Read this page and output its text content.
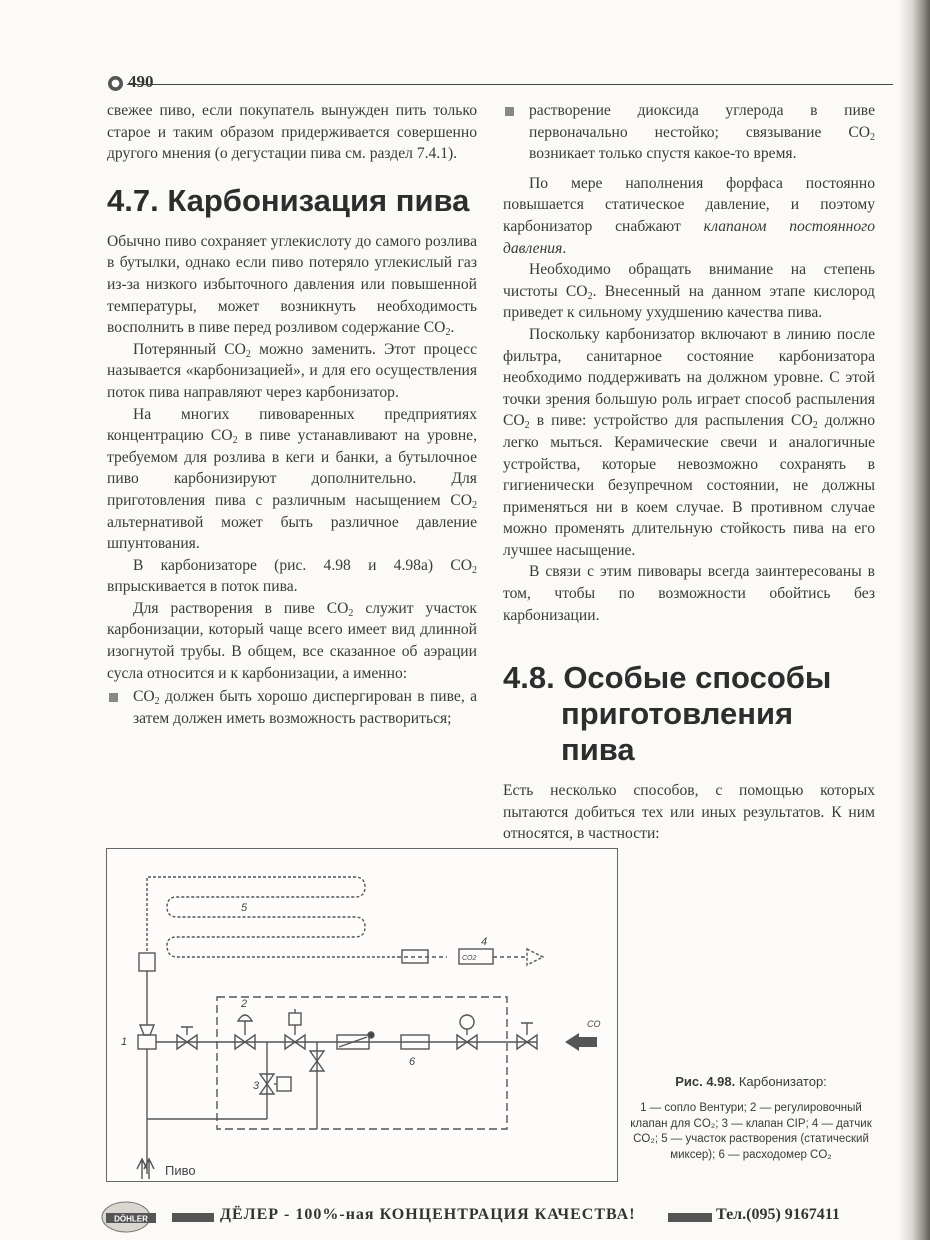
● 490

свежее пиво, если покупатель вынужден пить только старое и таким образом придерживается совершенно другого мнения (о дегустации пива см. раздел 7.4.1).

4.7. Карбонизация пива

Обычно пиво сохраняет углекислоту до самого розлива в бутылки, однако если пиво потеряло углекислый газ из-за низкого избыточного давления или повышенной температуры, может возникнуть необходимость восполнить в пиве перед розливом содержание $CO_2$.

Потерянный $CO_2$ можно заменить. Этот процесс называется «карбонизацией», и для его осуществления поток пива направляют через карбонизатор.

На многих пивоваренных предприятиях концентрацию $CO_2$ в пиве устанавливают на уровне, требуемом для розлива в кеги и банки, а бутылочное пиво карбонизируют дополнительно. Для приготовления пива с различным насыщением $CO_2$ альтернативой может быть различное давление шпунтования.

В карбонизаторе (рис. 4.98 и 4.98а) $CO_2$ впрыскивается в поток пива.

Для растворения в пиве $CO_2$ служит участок карбонизации, который чаще всего имеет вид длинной изогнутой трубы. В общем, все сказанное об аэрации сусла относится и к карбонизации, а именно:

$CO_2$ должен быть хорошо диспергирован в пиве, а затем должен иметь возможность раствориться;
растворение диоксида углерода в пиве первоначально нестойко; связывание $CO_2$ возникает только спустя какое-то время.

По мере наполнения форфаса постоянно повышается статическое давление, и поэтому карбонизатор снабжают клапаном постоянного давления.

Необходимо обращать внимание на степень чистоты $CO_2$. Внесенный на данном этапе кислород приведет к сильному ухудшению качества пива.

Поскольку карбонизатор включают в линию после фильтра, санитарное состояние карбонизатора необходимо поддерживать на должном уровне. С этой точки зрения большую роль играет способ распыления $CO_2$ в пиве: устройство для распыления $CO_2$ должно легко мыться. Керамические свечи и аналогичные устройства, которые невозможно сохранять в гигиенически безупречном состоянии, не должны применяться ни в коем случае. В противном случае можно променять длительную стойкость пива на его лучшее насыщение.

В связи с этим пивовары всегда заинтересованы в том, чтобы по возможности обойтись без карбонизации.

4.8. Особые способы
приготовления пива

Есть несколько способов, с помощью которых пытаются добиться тех или иных результатов. К ним относятся, в частности:

1
2
3
4
5
6
CO
CO2
Пиво
Рис. 4.98. Карбонизатор:
1 — сопло Вентури; 2 — регулировочный клапан для CO₂; 3 — клапан CIP; 4 — датчик CO₂; 5 — участок растворения (статический миксер); 6 — расходомер CO₂
DÖHLER	ДЁЛЕР - 100%-ная КОНЦЕНТРАЦИЯ КАЧЕСТВА!	Тел.(095) 9167411
